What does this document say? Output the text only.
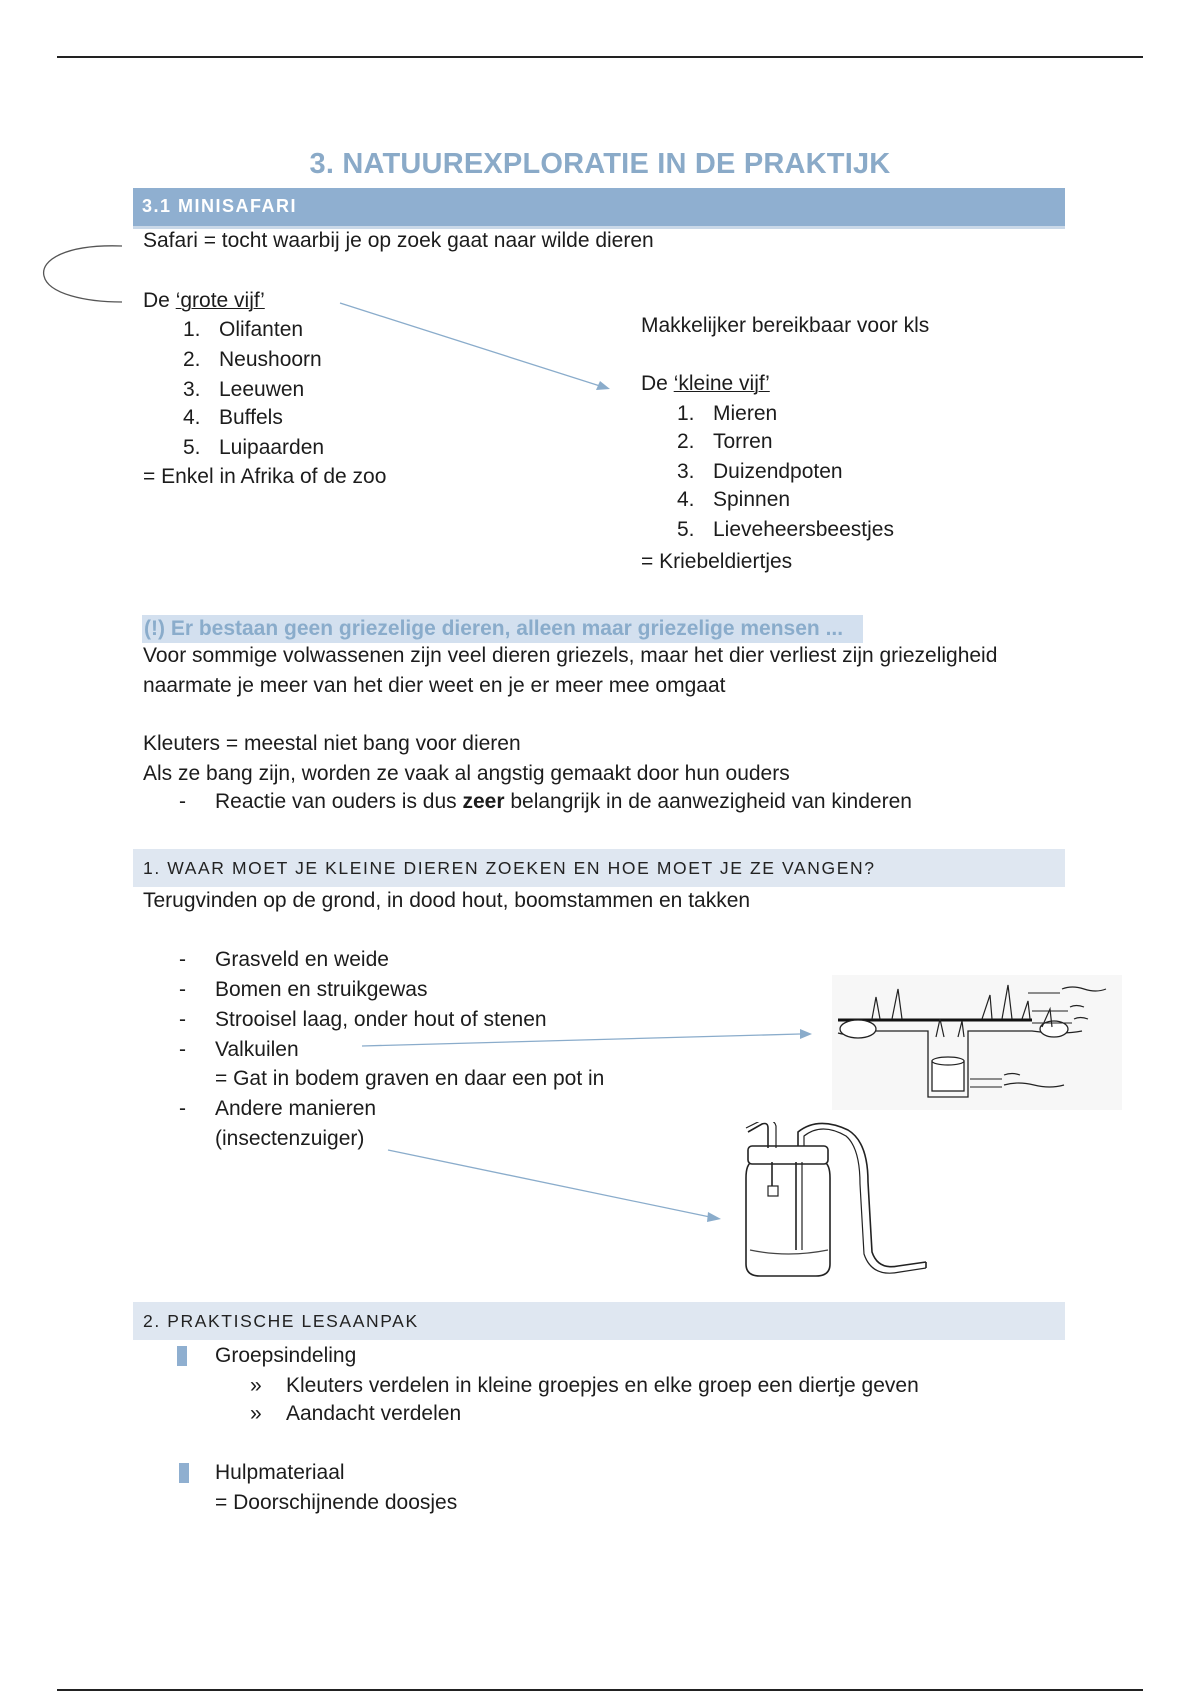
3. NATUUREXPLORATIE IN DE PRAKTIJK
3.1 MINISAFARI
Safari = tocht waarbij je op zoek gaat naar wilde dieren
De ‘grote vijf’
1. Olifanten
2. Neushoorn
3. Leeuwen
4. Buffels
5. Luipaarden
= Enkel in Afrika of de zoo
Makkelijker bereikbaar voor kls
De ‘kleine vijf’
1. Mieren
2. Torren
3. Duizendpoten
4. Spinnen
5. Lieveheersbeestjes
= Kriebeldiertjes
(!) Er bestaan geen griezelige dieren, alleen maar griezelige mensen ...
Voor sommige volwassenen zijn veel dieren griezels, maar het dier verliest zijn griezeligheid
naarmate je meer van het dier weet en je er meer mee omgaat
Kleuters = meestal niet bang voor dieren
Als ze bang zijn, worden ze vaak al angstig gemaakt door hun ouders
- Reactie van ouders is dus zeer belangrijk in de aanwezigheid van kinderen
1. WAAR MOET JE KLEINE DIEREN ZOEKEN EN HOE MOET JE ZE VANGEN?
Terugvinden op de grond, in dood hout, boomstammen en takken
- Grasveld en weide
- Bomen en struikgewas
- Strooisel laag, onder hout of stenen
- Valkuilen
= Gat in bodem graven en daar een pot in
- Andere manieren
(insectenzuiger)
2. PRAKTISCHE LESAANPAK
Groepsindeling
» Kleuters verdelen in kleine groepjes en elke groep een diertje geven
» Aandacht verdelen
Hulpmateriaal
= Doorschijnende doosjes
